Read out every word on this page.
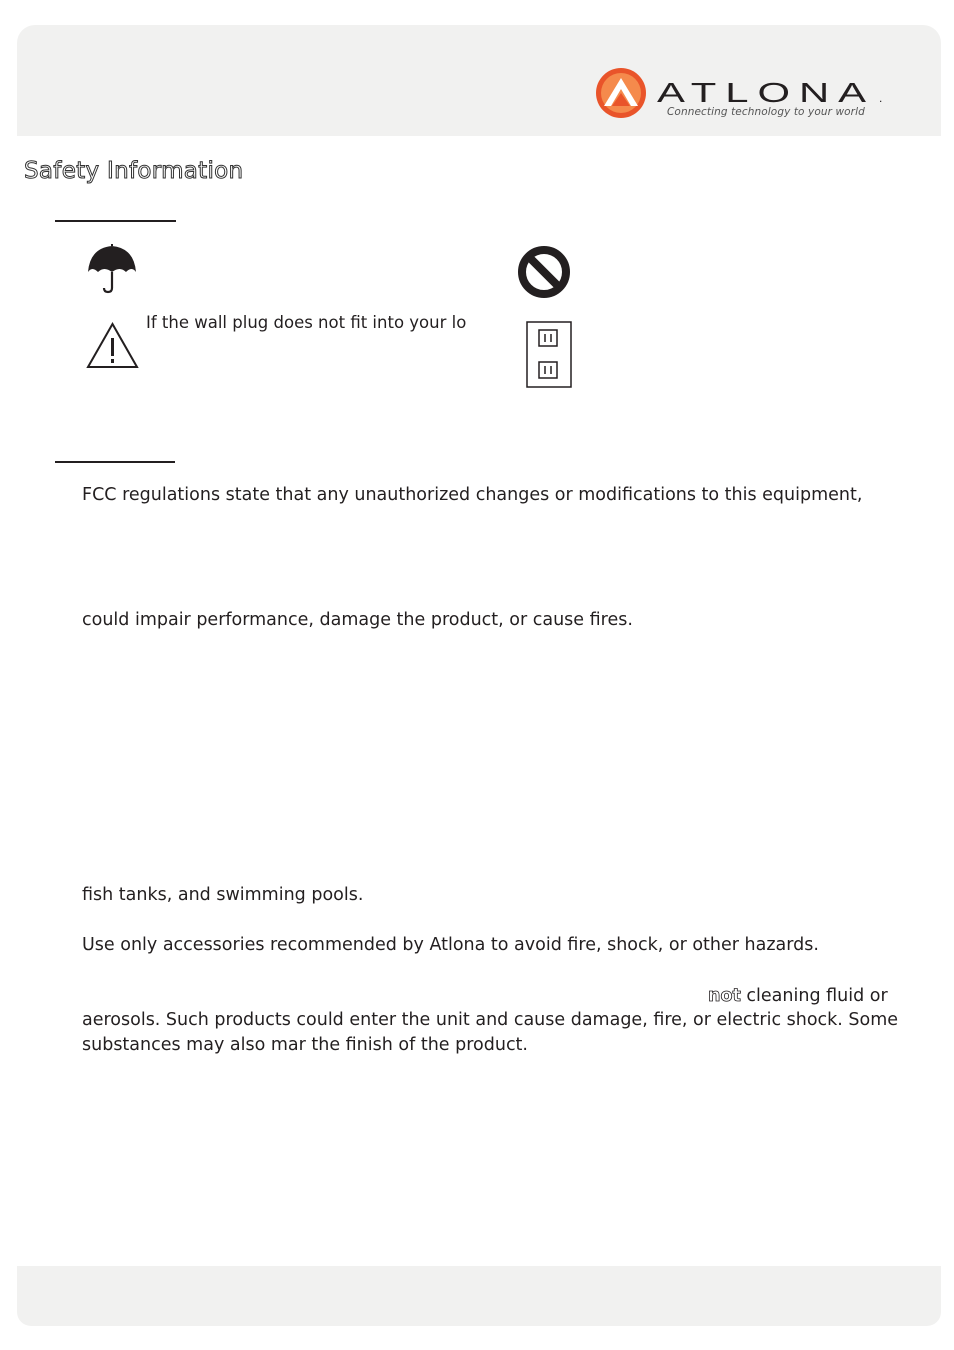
ATLONA .
Connecting technology to your world
Safety Information
If the wall plug does not fit into your lo
FCC regulations state that any unauthorized changes or modifications to this equipment,
could impair performance, damage the product, or cause fires.
fish tanks, and swimming pools.
Use only accessories recommended by Atlona to avoid fire, shock, or other hazards.
not cleaning fluid or
aerosols. Such products could enter the unit and cause damage, fire, or electric shock. Some
substances may also mar the finish of the product.
